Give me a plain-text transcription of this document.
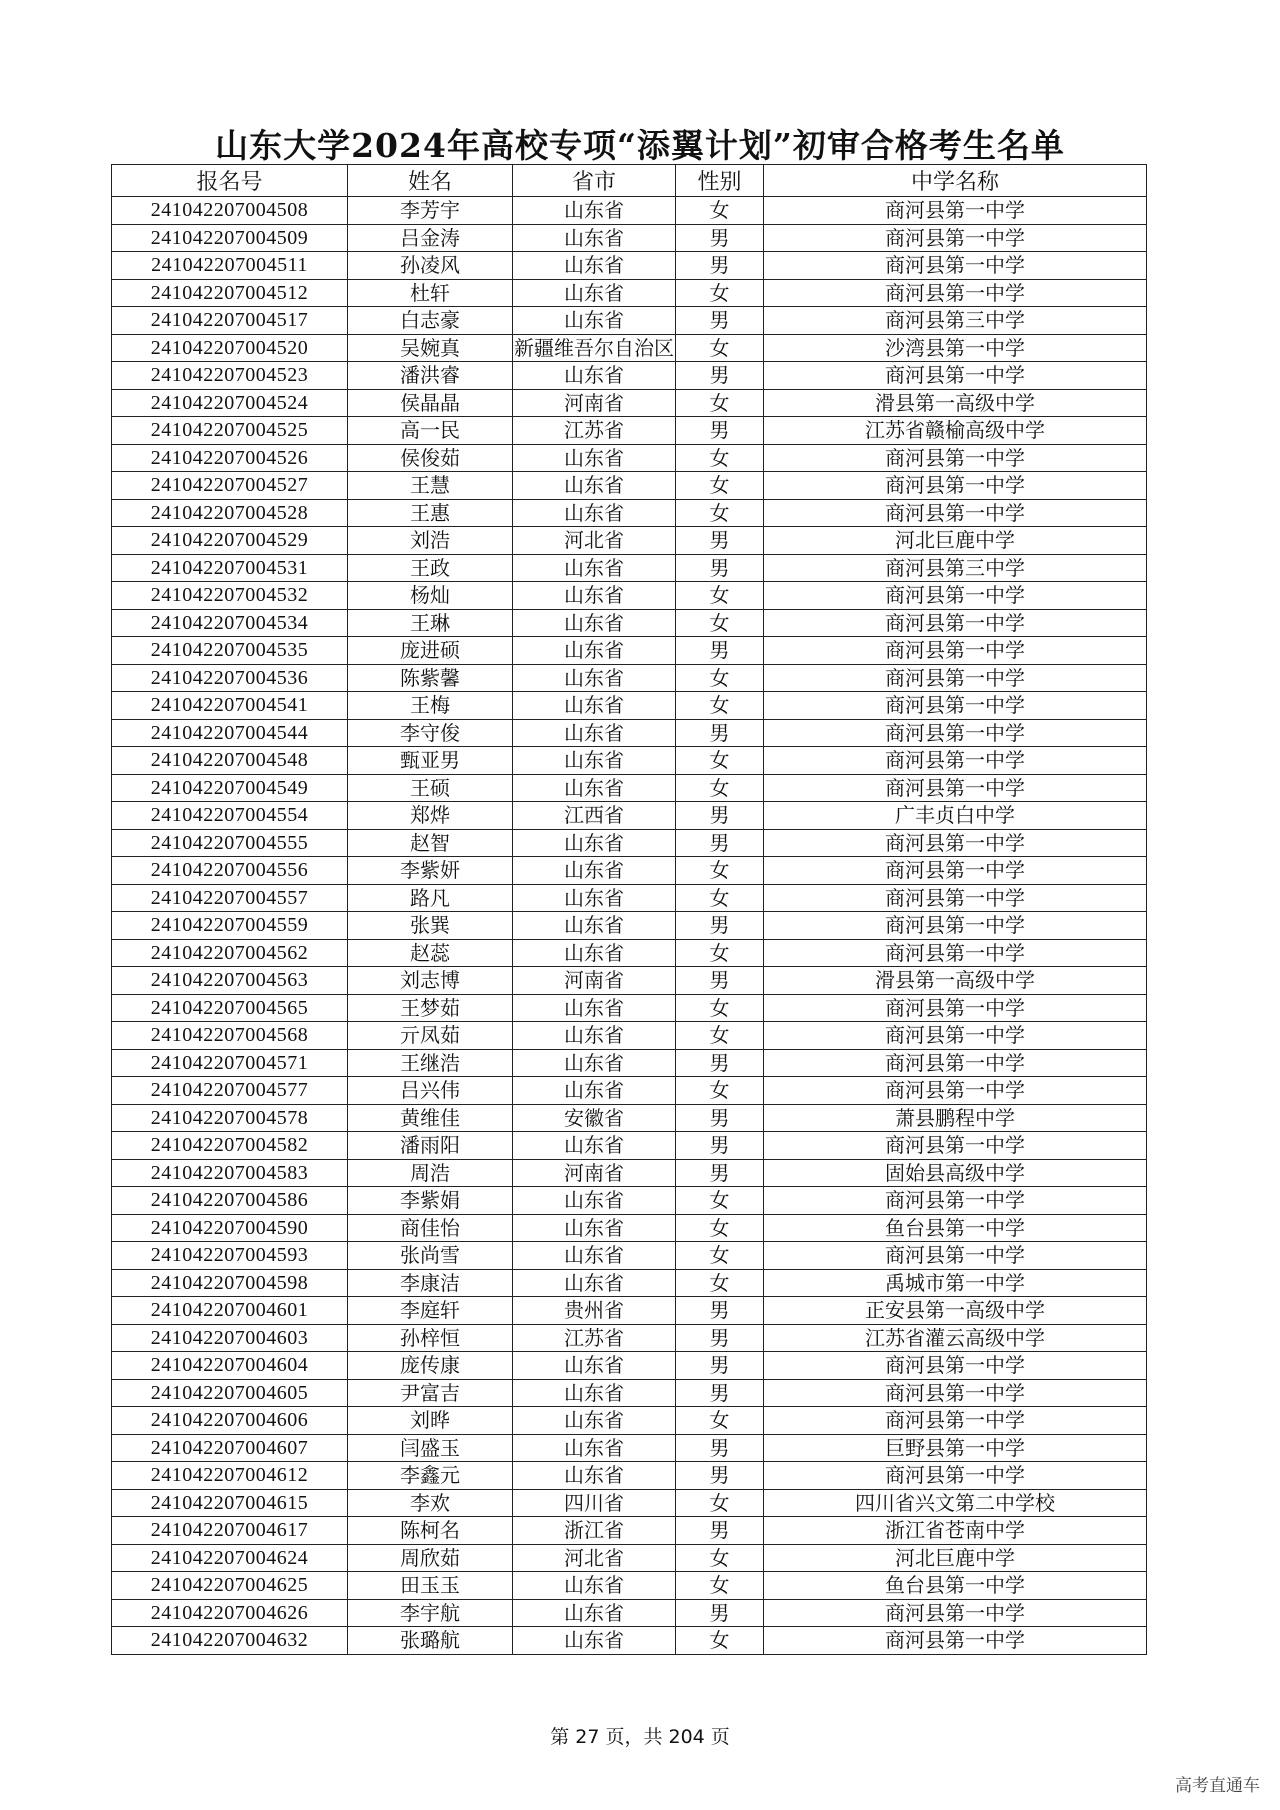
山东大学2024年高校专项“添翼计划”初审合格考生名单
报名号	姓名	省市	性别	中学名称
241042207004508	李芳宇	山东省	女	商河县第一中学
241042207004509	吕金涛	山东省	男	商河县第一中学
241042207004511	孙凌风	山东省	男	商河县第一中学
241042207004512	杜轩	山东省	女	商河县第一中学
241042207004517	白志豪	山东省	男	商河县第三中学
241042207004520	吴婉真	新疆维吾尔自治区	女	沙湾县第一中学
241042207004523	潘洪睿	山东省	男	商河县第一中学
241042207004524	侯晶晶	河南省	女	滑县第一高级中学
241042207004525	高一民	江苏省	男	江苏省赣榆高级中学
241042207004526	侯俊茹	山东省	女	商河县第一中学
241042207004527	王慧	山东省	女	商河县第一中学
241042207004528	王惠	山东省	女	商河县第一中学
241042207004529	刘浩	河北省	男	河北巨鹿中学
241042207004531	王政	山东省	男	商河县第三中学
241042207004532	杨灿	山东省	女	商河县第一中学
241042207004534	王琳	山东省	女	商河县第一中学
241042207004535	庞进硕	山东省	男	商河县第一中学
241042207004536	陈紫馨	山东省	女	商河县第一中学
241042207004541	王梅	山东省	女	商河县第一中学
241042207004544	李守俊	山东省	男	商河县第一中学
241042207004548	甄亚男	山东省	女	商河县第一中学
241042207004549	王硕	山东省	女	商河县第一中学
241042207004554	郑烨	江西省	男	广丰贞白中学
241042207004555	赵智	山东省	男	商河县第一中学
241042207004556	李紫妍	山东省	女	商河县第一中学
241042207004557	路凡	山东省	女	商河县第一中学
241042207004559	张巽	山东省	男	商河县第一中学
241042207004562	赵蕊	山东省	女	商河县第一中学
241042207004563	刘志博	河南省	男	滑县第一高级中学
241042207004565	王梦茹	山东省	女	商河县第一中学
241042207004568	亓凤茹	山东省	女	商河县第一中学
241042207004571	王继浩	山东省	男	商河县第一中学
241042207004577	吕兴伟	山东省	女	商河县第一中学
241042207004578	黄维佳	安徽省	男	萧县鹏程中学
241042207004582	潘雨阳	山东省	男	商河县第一中学
241042207004583	周浩	河南省	男	固始县高级中学
241042207004586	李紫娟	山东省	女	商河县第一中学
241042207004590	商佳怡	山东省	女	鱼台县第一中学
241042207004593	张尚雪	山东省	女	商河县第一中学
241042207004598	李康洁	山东省	女	禹城市第一中学
241042207004601	李庭轩	贵州省	男	正安县第一高级中学
241042207004603	孙梓恒	江苏省	男	江苏省灌云高级中学
241042207004604	庞传康	山东省	男	商河县第一中学
241042207004605	尹富吉	山东省	男	商河县第一中学
241042207004606	刘晔	山东省	女	商河县第一中学
241042207004607	闫盛玉	山东省	男	巨野县第一中学
241042207004612	李鑫元	山东省	男	商河县第一中学
241042207004615	李欢	四川省	女	四川省兴文第二中学校
241042207004617	陈柯名	浙江省	男	浙江省苍南中学
241042207004624	周欣茹	河北省	女	河北巨鹿中学
241042207004625	田玉玉	山东省	女	鱼台县第一中学
241042207004626	李宇航	山东省	男	商河县第一中学
241042207004632	张璐航	山东省	女	商河县第一中学
第 27 页，共 204 页
高考直通车
